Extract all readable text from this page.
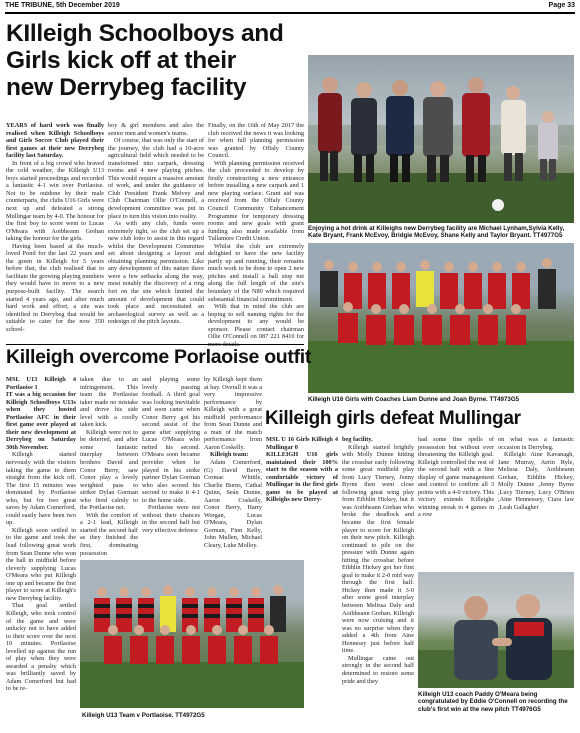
THE TRIBUNE, 5th December 2019	Page 33
KIlleigh Schoolboys and
Girls kick off at their
new Derrybeg facility

YEARS of hard work was finally realised when Killeigh Schoolboys and Girls Soccer Club played their first games at their new Derrybeg facility last Saturday.

In front of a big crowd who braved the cold weather, the Killeigh U13 boys started proceedings and recorded a fantastic 4-1 win over Portlaoise. Not to be outdone by their male counterparts, the clubs U16 Girls were next up and defeated a strong Mullingar team by 4-0. The honour for the first boy to score went to Lucas O'Meara with Aoibheann Grehan taking the honour for the girls.

Having been based at the much-loved Pond for the last 22 years and the green in Killeigh for 5 years before that, the club realised that to facilitate the growing playing numbers they would have to move to a new purpose-built facility. The search started 4 years ago, and after much hard work and effort, a site was identified in Derrybeg that would be suitable to cater for the now 350 school-

boy & girl members and also the senior men and women's teams.

Of course, that was only the start of the journey, the club had a 10-acre agricultural field which needed to be transformed into carpark, dressing rooms and 4 new playing pitches. This would require a massive amount of work, and under the guidance of Club President Frank Melvey and Club Chairman Ollie O'Connell, a development committee was put in place to turn this vision into reality.

As with any club, funds were extremely tight, so the club set up a new club lotto to assist in this regard whilst the Development Committee set about designing a layout and obtaining planning permission. Like any development of this nature there were a few setbacks along the way, most notably the discovery of a ring fort on the site which limited the amount of development that could took place and necessitated an archaeological survey as well as a redesign of the pitch layouts.

Finally, on the 16th of May 2017 the club received the news it was looking for when full planning permission was granted by Offaly County Council.

With planning permission received the club proceeded to develop by firstly constructing a new entrance before installing a new carpark and 1 new playing surface. Grant aid was received from the Offaly County Council Community Enhancement Programme for temporary dressing rooms and new goals with grant funding also made available from Tullamore Credit Union.

Whilst the club are extremely delighted to have the new facility partly up and running, their remains much work to be done to open 2 new pitches and install a ball stop net along the full length of the site's boundary of the N80 which required substantial financial commitment.

With that in mind the club are hoping to sell naming rights for the development to any would be sponsor. Please contact chairman Ollie O'Connell on 087 221 8410 for

Enjoying a hot drink at Killeighs new Derrybeg facility are Michael Lynham,Sylvia Kelly, Kate Bryant, Frank McEvoy, Bridgie McEvoy, Shane Kelly and Taylor Bryant. TT4977G5
Killeigh U16 Girls with Coaches Liam Dunne and Joan Byrne. TT4973G5
Killeigh overcome Porlaoise outfit

MSL U13 Killeigh 4 Portlaoise 1

IT was a big occasion for Killeigh Schoolboys U13s when they hosted Portlaoise AFC in their first game over played at their new development at Derrybeg on Saturday 30th November.

Killeigh started nervously with the visitors taking the game to them straight from the kick off. The first 15 minutes was dominated by Portlaoise who, but for two great saves by Adam Comerford, could easily have been two up.

Killeigh soon settled in to the game and took the lead following great work from Sean Dunne who won the ball in midfield before cleverly supplying Lucas O'Meara who put Killeigh one up and became the first player to score at Killeigh's new Derrybeg facility.

That goal settled Killeigh, who took control of the game and were unlucky not to have added to their score over the next 10 minutes. Portlaoise levelled up against the run of play when they were awarded a penalty which was brilliantly saved by Adam Comerford but had to be re-

taken due to an infringement. This team the Portlaoise taker made no mistake and drove his side level with a coolly taken kick.

Killeigh were not to be deterred, and after some fantastic interplay between brothers David and Conor Berry, saw Conor play a lovely weighted pass to striker Dylan Gorman who fired calmly to the Portlaoise net.

With the comfort of a 2-1 lead, Killeigh started the second half as they finished the first, dominating possession

and playing some lovely passing football. A third goal was looking inevitable and soon came when Conor Berry got his second assist of the game after supplying Lucas O'Meara who netted his second. O'Meara soon became provider when he played in his strike partner Dylan Gorman who also scored his second to make it 4-1 to the home side.

Portlaoise were not without their chances in the second half but very effective defence

by Killeigh kept them at bay. Overall it was a very impressive performance by Killeigh with a great midfield performance from Sean Dunne and a man of the match performance from Aaron Coskelly.

Killeigh team:

Adam Comerford, (G) David Berry, Cormac Whittle, Charlie Burns, Cathal Quinn, Seán Dunne, Aaron Coskelly, Conor Berry, Harry Worgan, Lucas O'Meara, Dylan Gorman, Finn Kelly, John Mullen, Michael Cleary, Luke Molloy.

Killeigh U13 Team v Portlaoise. TT4972G5
Killeigh girls defeat Mullingar

MSL U 16 Girls Killeigh 4 Mullingar 0

KILLEIGH U16 girls maintained their 100% start to the season with a comfortable victory of Mullingar in the first girls game to be played at Killeighs new Derry-

beg facility.

Killeigh started brightly with Molly Dunne hitting the crossbar early following some great midfield play from Lucy Tierney, Jenny Byrne then went close following great wing play from Eibhlin Hickey, but it was Aoibheann Grehan who broke the deadlock and became the first female player to score for Killeigh on their new pitch. Killeigh continued to pile on the pressure with Dunne again hitting the crossbar before Eibhlin Hickey got her first goal to make it 2-0 mid way through the first half. Hickey then made it 3-0 after some good interplay between Melissa Daly and Aoibheann Grehan. Killeigh were now cruising and it was no surprise when they added a 4th from Aine Hennessy just before half time.

Mullingar came out strongly in the second half determined to restore some pride and they

had some fine spells of possession but without ever threatening the Killeigh goal. Killeigh controlled the rest of the second half with a fine display of game management and control to confirm all 3 points with a 4-0 victory. This victory extends Killeighs winning streak to 4 games in a row

on what was a fantastic occasion in Derrybeg.

Killeigh: Aine Kavanagh, Jane Murray, Aerin Ryle, Melissa Daly, Aoibheann Grehan, Eibhlin Hickey, Molly Dunne ,Jenny Byrne ,Lucy Tierney, Lucy O'Brien ,Aine Hennessey, Ciara law ,Leah Gallagher

Killeigh U13 coach Paddy O'Meara being congratulated by Eddie O'Connell on recording the club's first win at the new pitch TT4976G5
